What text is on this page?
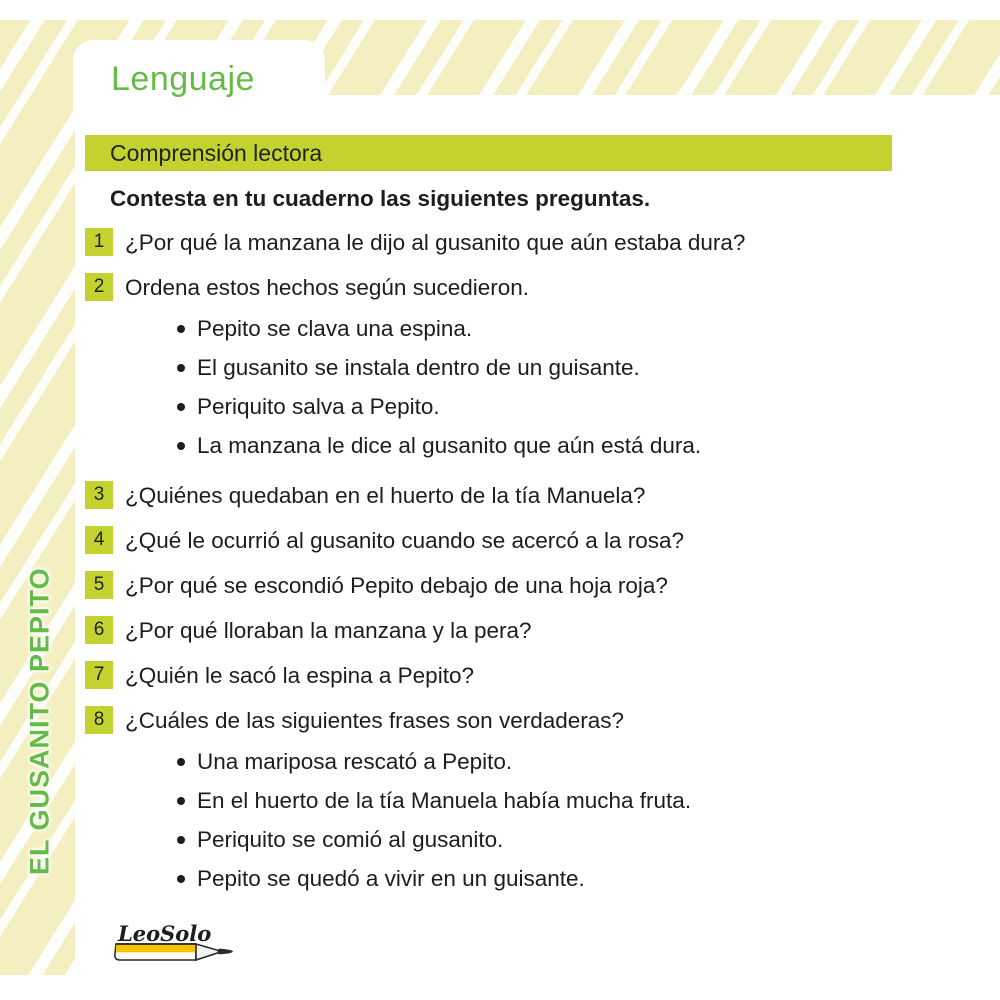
Lenguaje
EL GUSANITO PEPITO
Comprensión lectora
Contesta en tu cuaderno las siguientes preguntas.
1 ¿Por qué la manzana le dijo al gusanito que aún estaba dura?
2 Ordena estos hechos según sucedieron.
Pepito se clava una espina.
El gusanito se instala dentro de un guisante.
Periquito salva a Pepito.
La manzana le dice al gusanito que aún está dura.
3 ¿Quiénes quedaban en el huerto de la tía Manuela?
4 ¿Qué le ocurrió al gusanito cuando se acercó a la rosa?
5 ¿Por qué se escondió Pepito debajo de una hoja roja?
6 ¿Por qué lloraban la manzana y la pera?
7 ¿Quién le sacó la espina a Pepito?
8 ¿Cuáles de las siguientes frases son verdaderas?
Una mariposa rescató a Pepito.
En el huerto de la tía Manuela había mucha fruta.
Periquito se comió al gusanito.
Pepito se quedó a vivir en un guisante.
LeoSolo
